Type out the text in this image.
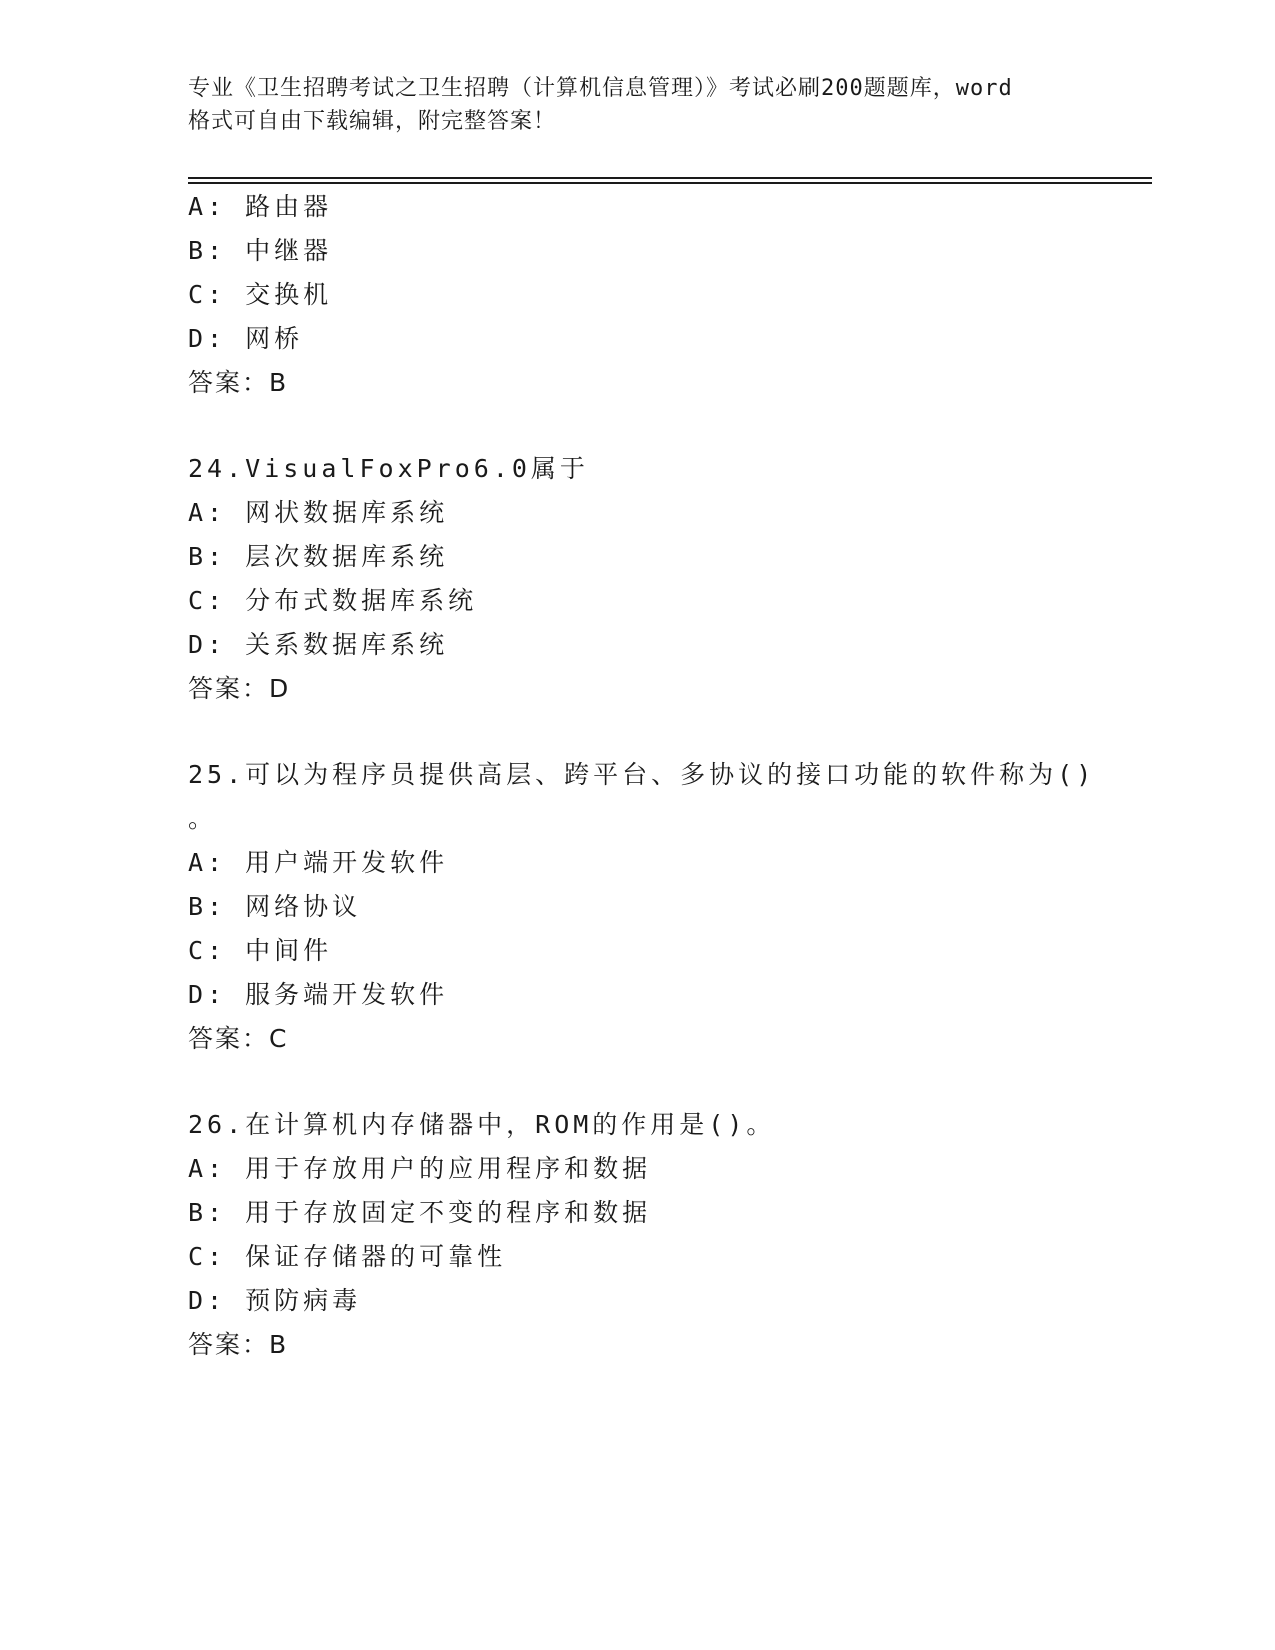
专业《卫生招聘考试之卫生招聘（计算机信息管理）》考试必刷200题题库，word
格式可自由下载编辑，附完整答案！
A: 路由器
B: 中继器
C: 交换机
D: 网桥
答案：B
24.VisualFoxPro6.0属于
A: 网状数据库系统
B: 层次数据库系统
C: 分布式数据库系统
D: 关系数据库系统
答案：D
25.可以为程序员提供高层、跨平台、多协议的接口功能的软件称为()
。
A: 用户端开发软件
B: 网络协议
C: 中间件
D: 服务端开发软件
答案：C
26.在计算机内存储器中，ROM的作用是()。
A: 用于存放用户的应用程序和数据
B: 用于存放固定不变的程序和数据
C: 保证存储器的可靠性
D: 预防病毒
答案：B
